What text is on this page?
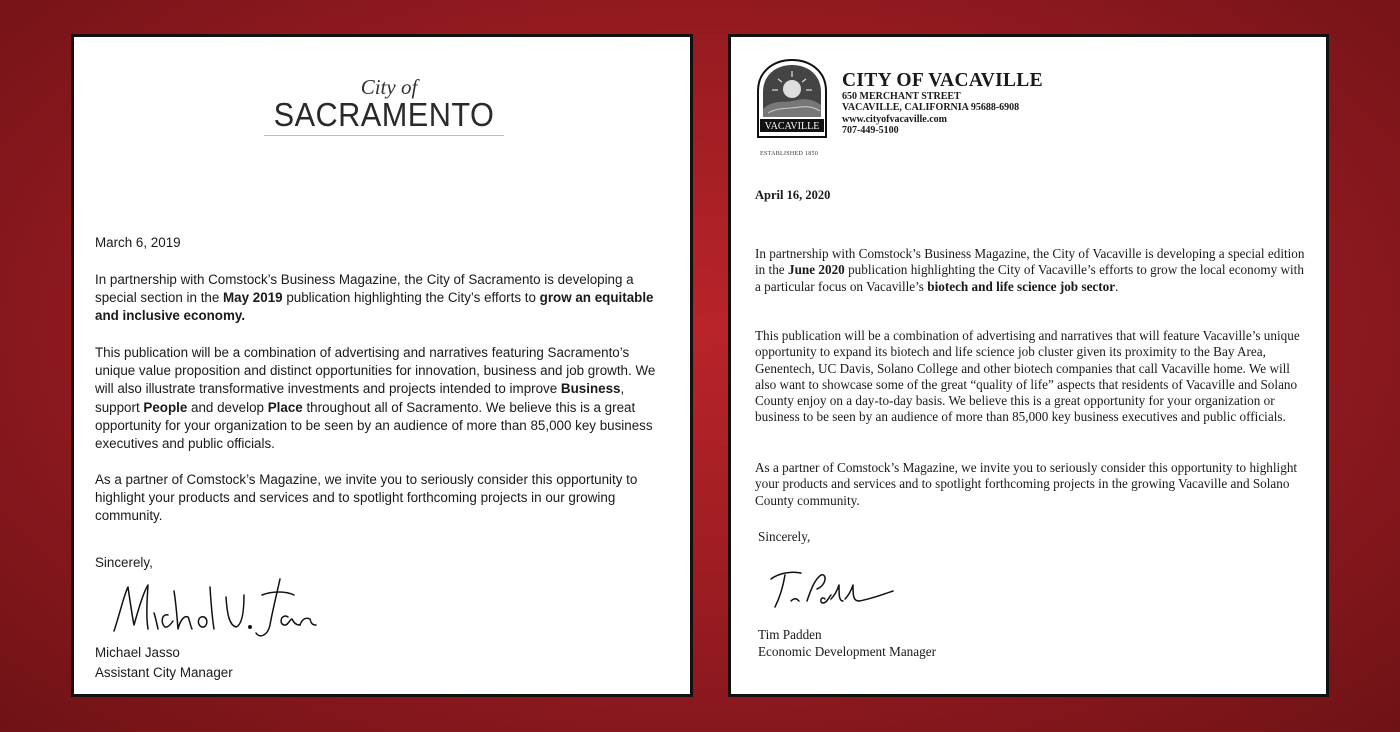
City of
SACRAMENTO
March 6, 2019

In partnership with Comstock’s Business Magazine, the City of Sacramento is developing a special section in the May 2019 publication highlighting the City’s efforts to grow an equitable and inclusive economy.

This publication will be a combination of advertising and narratives featuring Sacramento’s unique value proposition and distinct opportunities for innovation, business and job growth. We will also illustrate transformative investments and projects intended to improve Business, support People and develop Place throughout all of Sacramento. We believe this is a great opportunity for your organization to be seen by an audience of more than 85,000 key business executives and public officials.

As a partner of Comstock’s Magazine, we invite you to seriously consider this opportunity to highlight your products and services and to spotlight forthcoming projects in our growing community.

Sincerely,
Michael Jasso
Assistant City Manager
VACAVILLE
ESTABLISHED 1850
CITY OF VACAVILLE
650 MERCHANT STREET
VACAVILLE, CALIFORNIA 95688-6908
www.cityofvacaville.com
707-449-5100
April 16, 2020

In partnership with Comstock’s Business Magazine, the City of Vacaville is developing a special edition in the June 2020 publication highlighting the City of Vacaville’s efforts to grow the local economy with a particular focus on Vacaville’s biotech and life science job sector.

This publication will be a combination of advertising and narratives that will feature Vacaville’s unique opportunity to expand its biotech and life science job cluster given its proximity to the Bay Area, Genentech, UC Davis, Solano College and other biotech companies that call Vacaville home. We will also want to showcase some of the great “quality of life” aspects that residents of Vacaville and Solano County enjoy on a day-to-day basis. We believe this is a great opportunity for your organization or business to be seen by an audience of more than 85,000 key business executives and public officials.

As a partner of Comstock’s Magazine, we invite you to seriously consider this opportunity to highlight your products and services and to spotlight forthcoming projects in the growing Vacaville and Solano County community.

Sincerely,
Tim Padden
Economic Development Manager
